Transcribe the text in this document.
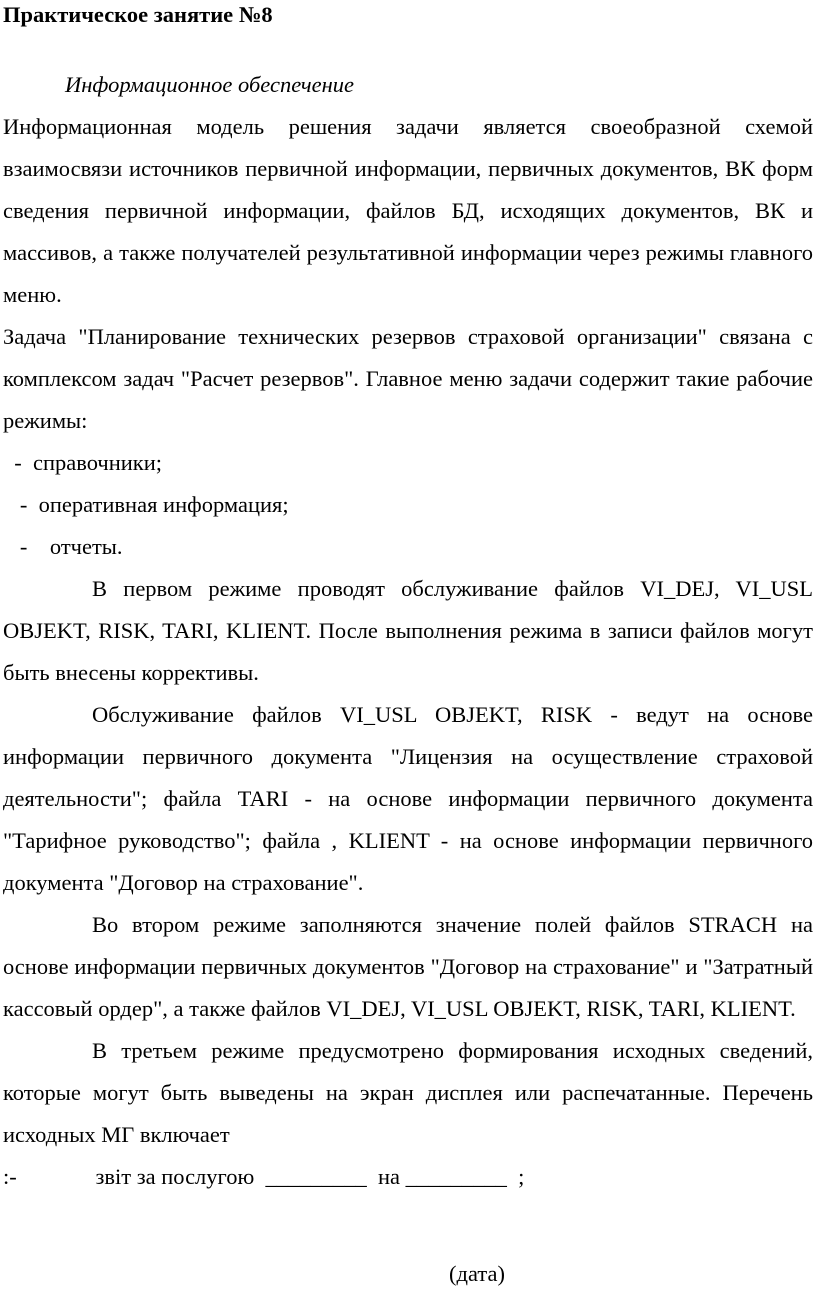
Практическое занятие №8
Информационное обеспечение

Информационная модель решения задачи является своеобразной схемой взаимосвязи источников первичной информации, первичных документов, ВК форм сведения первичной информации, файлов БД, исходящих документов, ВК и массивов, а также получателей результативной информации через режимы главного меню.

Задача "Планирование технических резервов страховой организации" связана с комплексом задач "Расчет резервов". Главное меню задачи содержит такие рабочие режимы:

-  справочники;

-  оперативная информация;

-    отчеты.

В первом режиме проводят обслуживание файлов VI_DEJ, VI_USL OBJEKT, RISK, TARI, KLIENT. После выполнения режима в записи файлов могут быть внесены коррективы.

Обслуживание файлов VI_USL OBJEKT, RISK - ведут на основе информации первичного документа "Лицензия на осуществление страховой деятельности"; файла TARI - на основе информации первичного документа "Тарифное руководство"; файла , KLIENT - на основе информации первичного документа "Договор на страхование".

Во втором режиме заполняются значение полей файлов STRACH на основе информации первичных документов "Договор на страхование" и "Затратный кассовый ордер", а также файлов VI_DEJ, VI_USL OBJEKT, RISK, TARI, KLIENT.

В третьем режиме предусмотрено формирования исходных сведений, которые могут быть выведены на экран дисплея или распечатанные. Перечень исходных МГ включает

:-              звіт за послугою  _________  на _________  ;

(дата)
